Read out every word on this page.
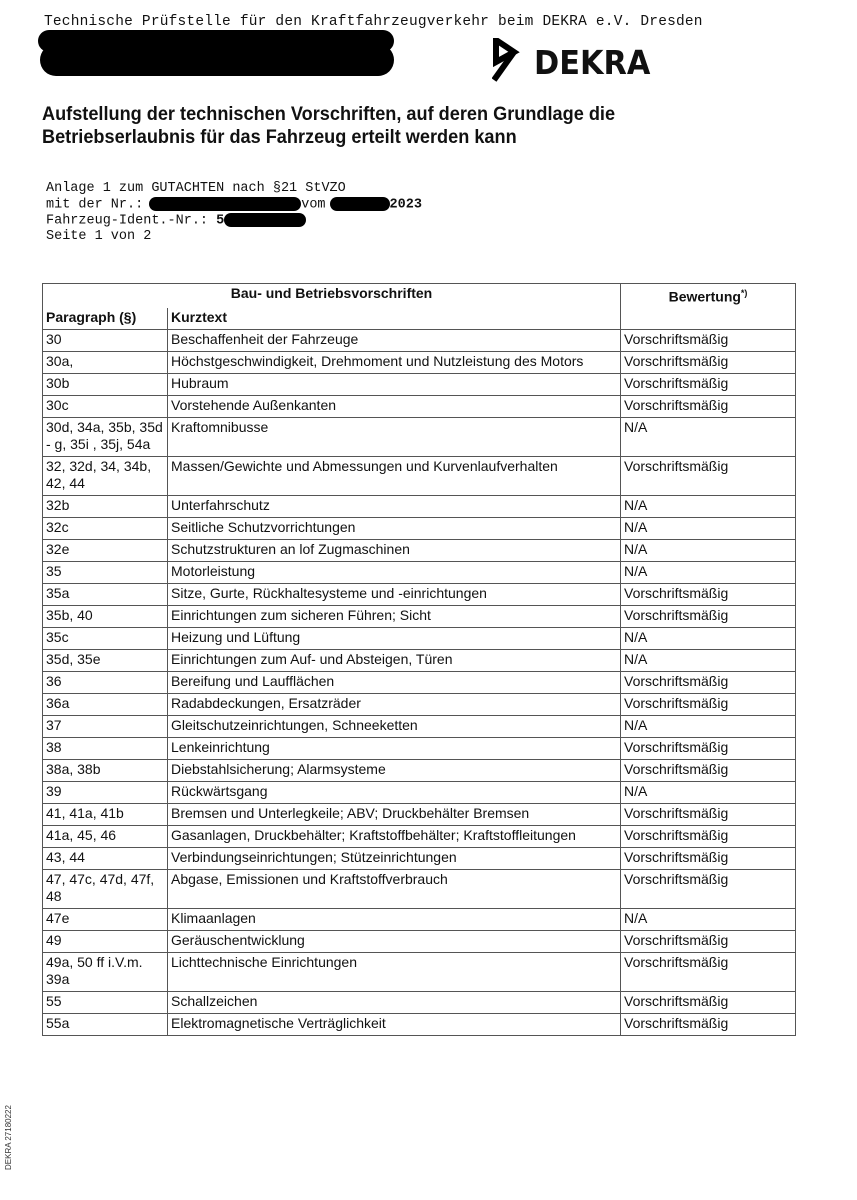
Technische Prüfstelle für den Kraftfahrzeugverkehr beim DEKRA e.V. Dresden
DEKRA
Aufstellung der technischen Vorschriften, auf deren Grundlage die
Betriebserlaubnis für das Fahrzeug erteilt werden kann
Anlage 1 zum GUTACHTEN nach §21 StVZO
mit der Nr.:	vom	2023
Fahrzeug-Ident.-Nr.: 5
Seite 1 von 2
Bau- und Betriebsvorschriften		Bewertung*)
Paragraph (§)	Kurztext	
30	Beschaffenheit der Fahrzeuge	Vorschriftsmäßig
30a,	Höchstgeschwindigkeit, Drehmoment und Nutzleistung des Motors	Vorschriftsmäßig
30b	Hubraum	Vorschriftsmäßig
30c	Vorstehende Außenkanten	Vorschriftsmäßig
30d, 34a, 35b, 35d - g, 35i , 35j, 54a	Kraftomnibusse	N/A
32, 32d, 34, 34b, 42, 44	Massen/Gewichte und Abmessungen und Kurvenlaufverhalten	Vorschriftsmäßig
32b	Unterfahrschutz	N/A
32c	Seitliche Schutzvorrichtungen	N/A
32e	Schutzstrukturen an lof Zugmaschinen	N/A
35	Motorleistung	N/A
35a	Sitze, Gurte, Rückhaltesysteme und -einrichtungen	Vorschriftsmäßig
35b, 40	Einrichtungen zum sicheren Führen; Sicht	Vorschriftsmäßig
35c	Heizung und Lüftung	N/A
35d, 35e	Einrichtungen zum Auf- und Absteigen, Türen	N/A
36	Bereifung und Laufflächen	Vorschriftsmäßig
36a	Radabdeckungen, Ersatzräder	Vorschriftsmäßig
37	Gleitschutzeinrichtungen, Schneeketten	N/A
38	Lenkeinrichtung	Vorschriftsmäßig
38a, 38b	Diebstahlsicherung; Alarmsysteme	Vorschriftsmäßig
39	Rückwärtsgang	N/A
41, 41a, 41b	Bremsen und Unterlegkeile; ABV; Druckbehälter Bremsen	Vorschriftsmäßig
41a, 45, 46	Gasanlagen, Druckbehälter; Kraftstoffbehälter; Kraftstoffleitungen	Vorschriftsmäßig
43, 44	Verbindungseinrichtungen; Stützeinrichtungen	Vorschriftsmäßig
47, 47c, 47d, 47f, 48	Abgase, Emissionen und Kraftstoffverbrauch	Vorschriftsmäßig
47e	Klimaanlagen	N/A
49	Geräuschentwicklung	Vorschriftsmäßig
49a, 50 ff i.V.m. 39a	Lichttechnische Einrichtungen	Vorschriftsmäßig
55	Schallzeichen	Vorschriftsmäßig
55a	Elektromagnetische Verträglichkeit	Vorschriftsmäßig
DEKRA 27180222
